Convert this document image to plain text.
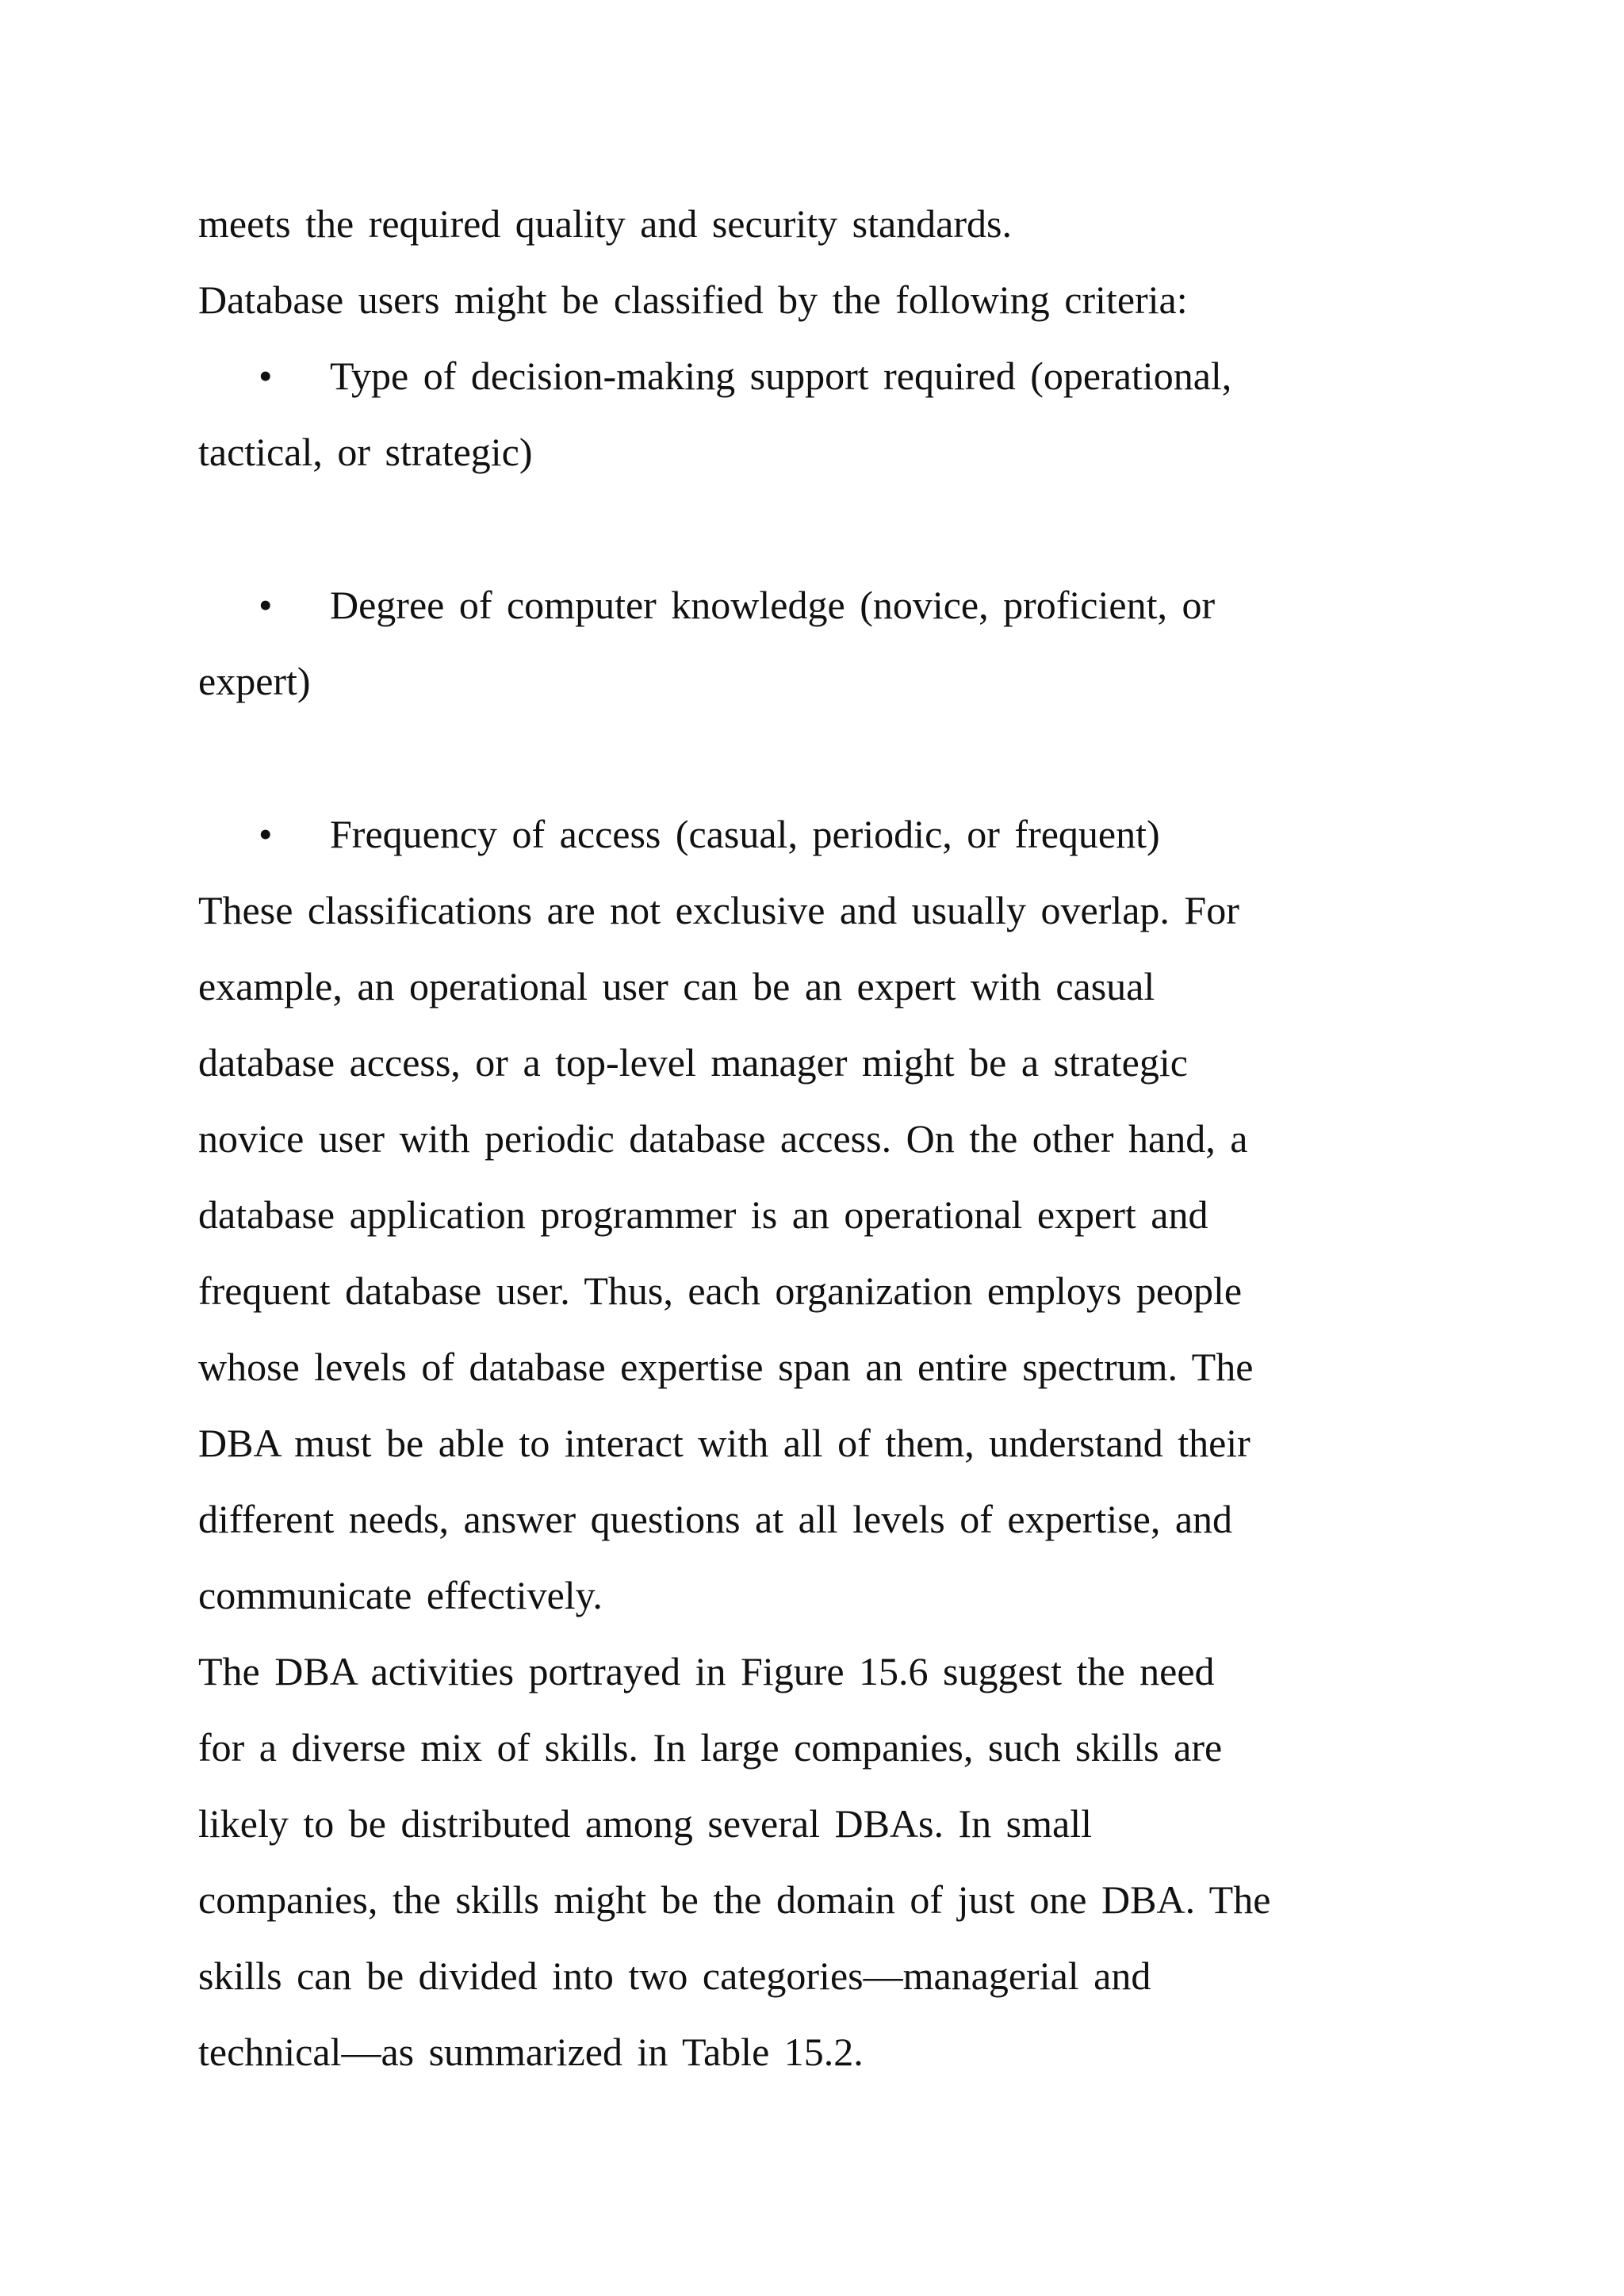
meets the required quality and security standards.
Database users might be classified by the following criteria:
• Type of decision-making support required (operational,
tactical, or strategic)
• Degree of computer knowledge (novice, proficient, or
expert)
• Frequency of access (casual, periodic, or frequent)
These classifications are not exclusive and usually overlap. For
example, an operational user can be an expert with casual
database access, or a top-level manager might be a strategic
novice user with periodic database access. On the other hand, a
database application programmer is an operational expert and
frequent database user. Thus, each organization employs people
whose levels of database expertise span an entire spectrum. The
DBA must be able to interact with all of them, understand their
different needs, answer questions at all levels of expertise, and
communicate effectively.
The DBA activities portrayed in Figure 15.6 suggest the need
for a diverse mix of skills. In large companies, such skills are
likely to be distributed among several DBAs. In small
companies, the skills might be the domain of just one DBA. The
skills can be divided into two categories—managerial and
technical—as summarized in Table 15.2.
